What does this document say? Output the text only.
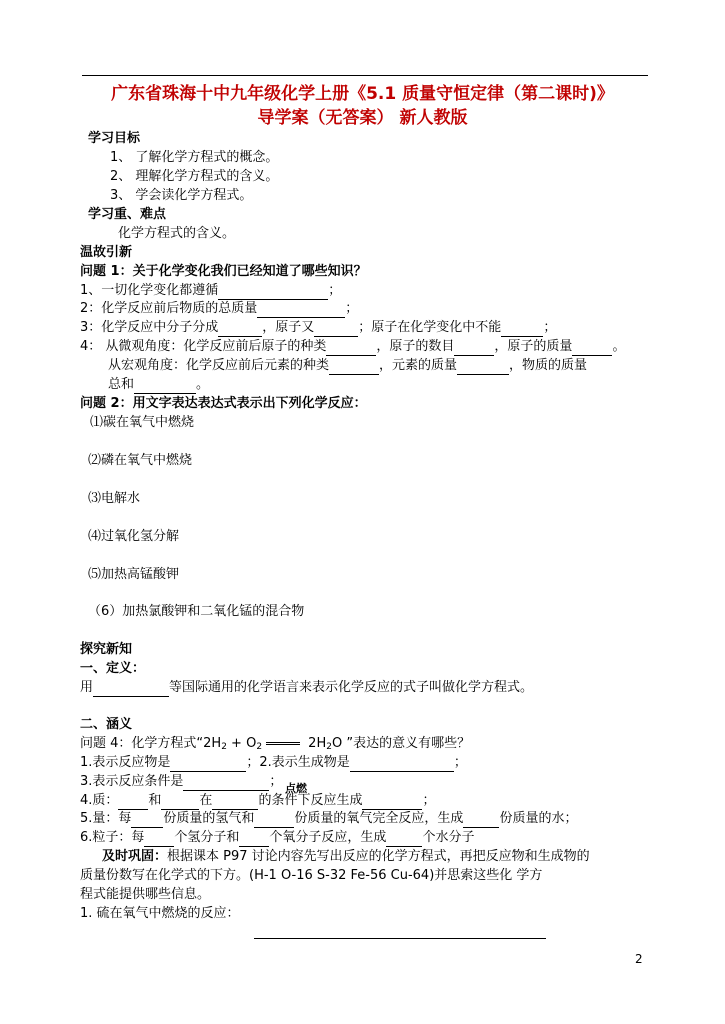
广东省珠海十中九年级化学上册《5.1 质量守恒定律（第二课时)》
导学案（无答案） 新人教版
学习目标
1、 了解化学方程式的概念。
2、 理解化学方程式的含义。
3、 学会读化学方程式。
学习重、难点
化学方程式的含义。
温故引新
问题 1：关于化学变化我们已经知道了哪些知识？
1、一切化学变化都遵循	；
2：化学反应前后物质的总质量	；
3：化学反应中分子分成	，原子又	；原子在化学变化中不能	；
4： 从微观角度：化学反应前后原子的种类	，原子的数目	，原子的质量	。
从宏观角度：化学反应前后元素的种类	，元素的质量	，物质的质量
总和	。
问题 2：用文字表达表达式表示出下列化学反应：
⑴碳在氧气中燃烧
⑵磷在氧气中燃烧
⑶电解水
⑷过氧化氢分解
⑸加热高锰酸钾
（6）加热氯酸钾和二氧化锰的混合物
探究新知
一、定义：
用	等国际通用的化学语言来表示化学反应的式子叫做化学方程式。
二、涵义
点燃
问题 4：化学方程式“$2H_2 + O_2$	$2H_2O$ ”表达的意义有哪些？
1.表示反应物是	；2.表示生成物是	；
3.表示反应条件是	；
4.质： 和	在	的条件下反应生成	；
5.量：每 份质量的氢气和	份质量的氧气完全反应，生成	份质量的水；
6.粒子：每 个氢分子和 个氧分子反应，生成	个水分子
及时巩固：根据课本 P97 讨论内容先写出反应的化学方程式，再把反应物和生成物的
质量份数写在化学式的下方。(H-1 O-16 S-32 Fe-56 Cu-64)并思索这些化 学方
程式能提供哪些信息。
1. 硫在氧气中燃烧的反应：
2
